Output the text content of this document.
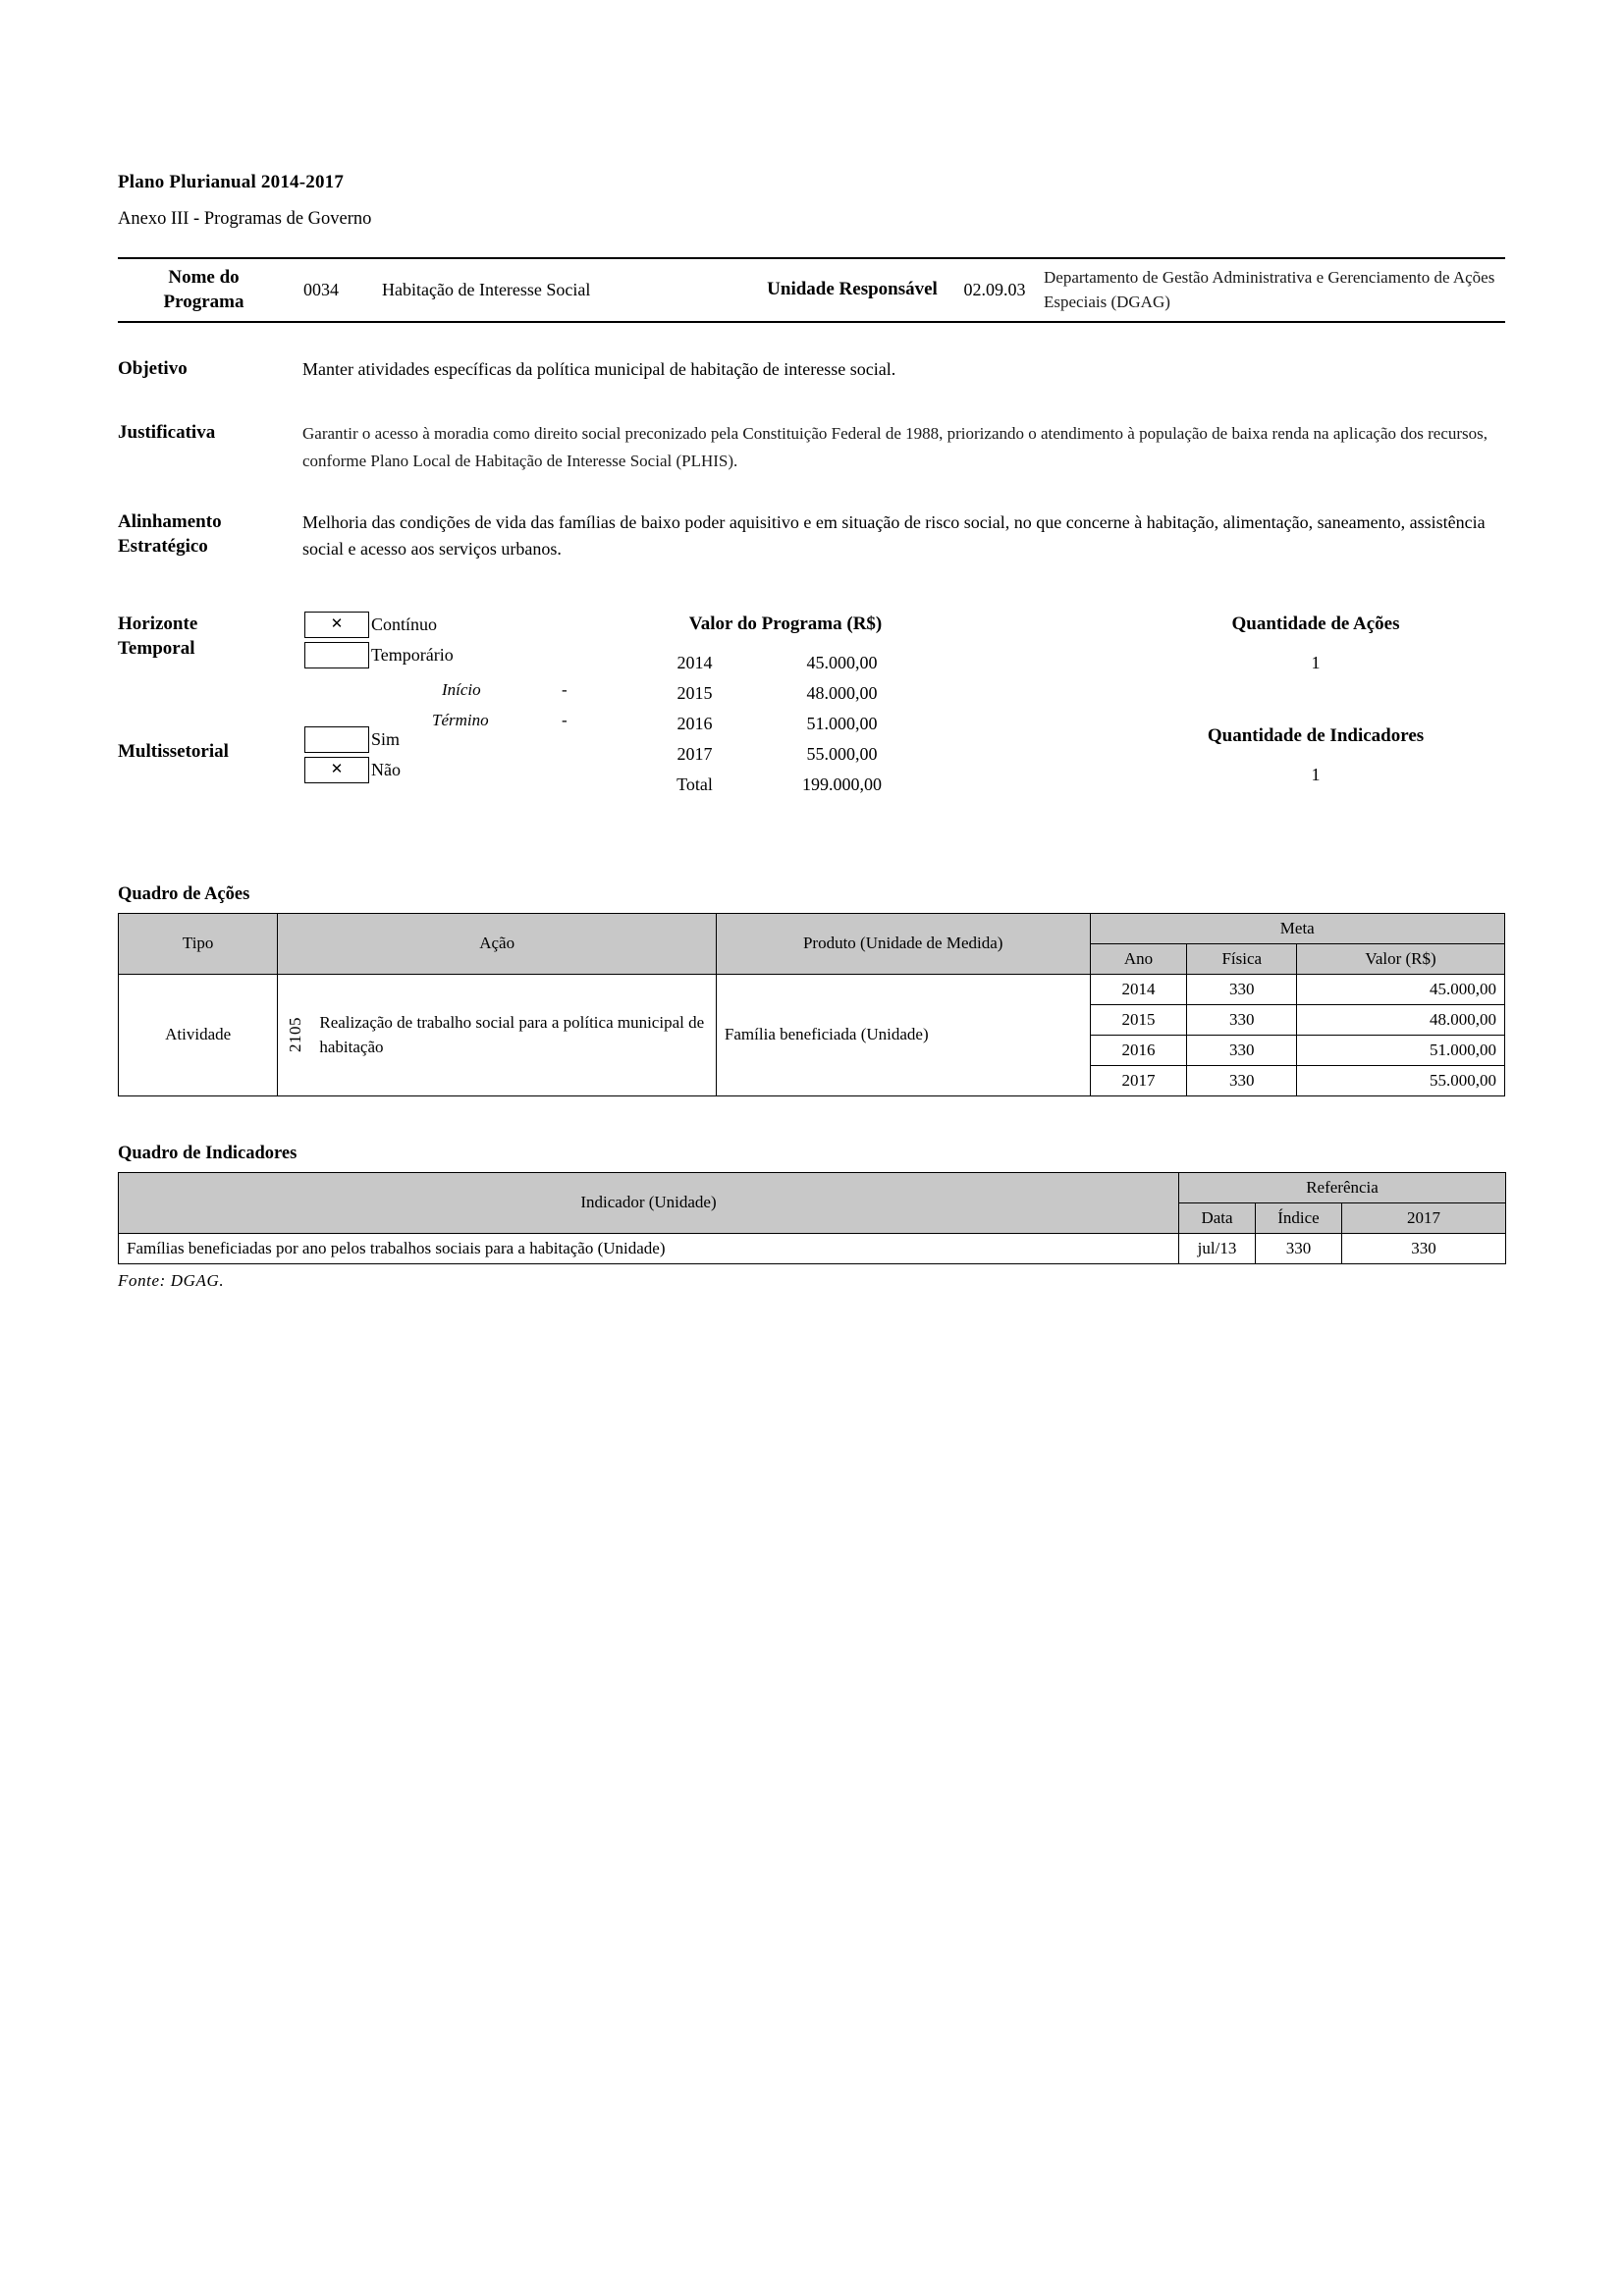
Plano Plurianual 2014-2017
Anexo III - Programas de Governo
Nome do
Programa
0034	Habitação de Interesse Social	Unidade Responsável	02.09.03
Departamento de Gestão Administrativa e Gerenciamento de Ações Especiais (DGAG)
Objetivo	Manter atividades específicas da política municipal de habitação de interesse social.
Justificativa	Garantir o acesso à moradia como direito social preconizado pela Constituição Federal de 1988, priorizando o atendimento à população de baixa renda na aplicação dos recursos, conforme Plano Local de Habitação de Interesse Social (PLHIS).
Alinhamento
Estratégico
Melhoria das condições de vida das famílias de baixo poder aquisitivo e em situação de risco social, no que concerne à habitação, alimentação, saneamento, assistência social e acesso aos serviços urbanos.
Horizonte
Temporal
✕	Contínuo
Temporário
Início	-
Término	-
Multissetorial
Sim
✕	Não
Valor do Programa (R$)
2014	45.000,00
2015	48.000,00
2016	51.000,00
2017	55.000,00
Total	199.000,00
Quantidade de Ações
1
Quantidade de Indicadores
1
Quadro de Ações
Tipo	Ação	Produto (Unidade de Medida)	Meta		
			Ano	Física	Valor (R$)
Atividade	2105 Realização de trabalho social para a política municipal de habitação	Família beneficiada (Unidade)	2014	330	45.000,00
			2015	330	48.000,00
			2016	330	51.000,00
			2017	330	55.000,00
Quadro de Indicadores
Indicador (Unidade)	Referência		
	Data	Índice	2017
Famílias beneficiadas por ano pelos trabalhos sociais para a habitação (Unidade)	jul/13	330	330
Fonte: DGAG.
